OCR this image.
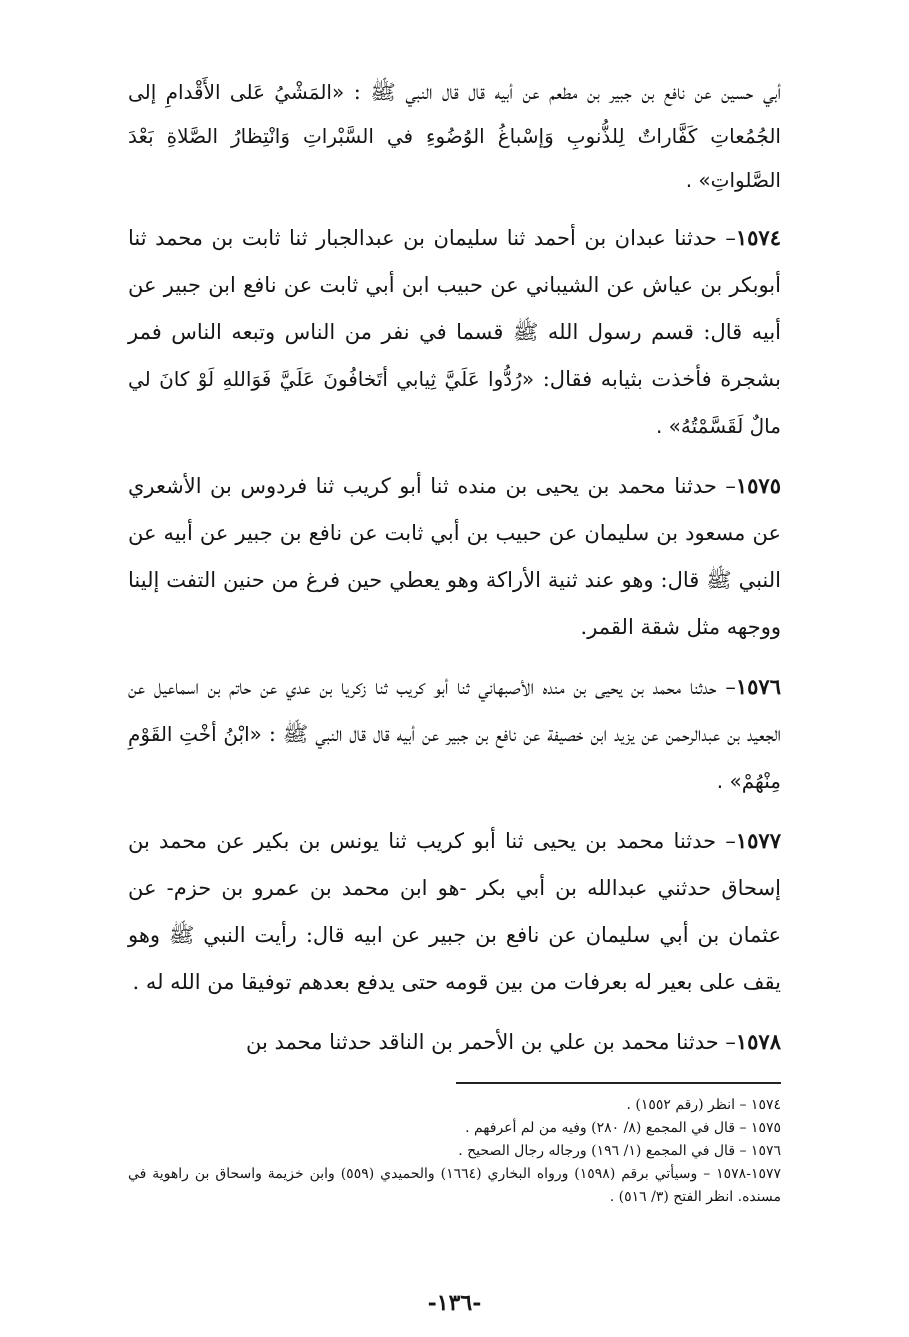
أبي حسين عن نافع بن جبير بن مطعم عن أبيه قال قال النبي ﷺ : «المَشْيُ عَلى الأَقْدامِ إلى الجُمُعاتِ كَفَّاراتٌ لِلذُّنوبِ وَإسْباغُ الوُضُوءِ في السَّبْراتِ وَانْتِظارُ الصَّلاةِ بَعْدَ الصَّلواتِ» .

١٥٧٤– حدثنا عبدان بن أحمد ثنا سليمان بن عبدالجبار ثنا ثابت بن محمد ثنا أبوبكر بن عياش عن الشيباني عن حبيب ابن أبي ثابت عن نافع ابن جبير عن أبيه قال: قسم رسول الله ﷺ قسما في نفر من الناس وتبعه الناس فمر بشجرة فأخذت بثيابه فقال: «رُدُّوا عَلَيَّ ثِيابي أتَخافُونَ عَلَيَّ فَوَاللهِ لَوْ كانَ لي مالٌ لَقَسَّمْتُهُ» .

١٥٧٥– حدثنا محمد بن يحيى بن منده ثنا أبو كريب ثنا فردوس بن الأشعري عن مسعود بن سليمان عن حبيب بن أبي ثابت عن نافع بن جبير عن أبيه عن النبي ﷺ قال: وهو عند ثنية الأراكة وهو يعطي حين فرغ من حنين التفت إلينا ووجهه مثل شقة القمر.

١٥٧٦– حدثنا محمد بن يحيى بن منده الأصبهاني ثنا أبو كريب ثنا زكريا بن عدي عن حاتم بن اسماعيل عن الجعيد بن عبدالرحمن عن يزيد ابن خصيفة عن نافع بن جبير عن أبيه قال قال النبي ﷺ : «ابْنُ أخْتِ القَوْمِ مِنْهُمْ» .

١٥٧٧– حدثنا محمد بن يحيى ثنا أبو كريب ثنا يونس بن بكير عن محمد بن إسحاق حدثني عبدالله بن أبي بكر -هو ابن محمد بن عمرو بن حزم- عن عثمان بن أبي سليمان عن نافع بن جبير عن ابيه قال: رأيت النبي ﷺ وهو يقف على بعير له بعرفات من بين قومه حتى يدفع بعدهم توفيقا من الله له .

١٥٧٨– حدثنا محمد بن علي بن الأحمر بن الناقد حدثنا محمد بن

١٥٧٤ – انظر (رقم ١٥٥٢) .
١٥٧٥ – قال في المجمع (٨/ ٢٨٠) وفيه من لم أعرفهم .
١٥٧٦ – قال في المجمع (١/ ١٩٦) ورجاله رجال الصحيح .
١٥٧٧-١٥٧٨ – وسيأتي برقم (١٥٩٨) ورواه البخاري (١٦٦٤) والحميدي (٥٥٩) وابن خزيمة واسحاق بن راهوية في مسنده. انظر الفتح (٣/ ٥١٦) .
-١٣٦-
